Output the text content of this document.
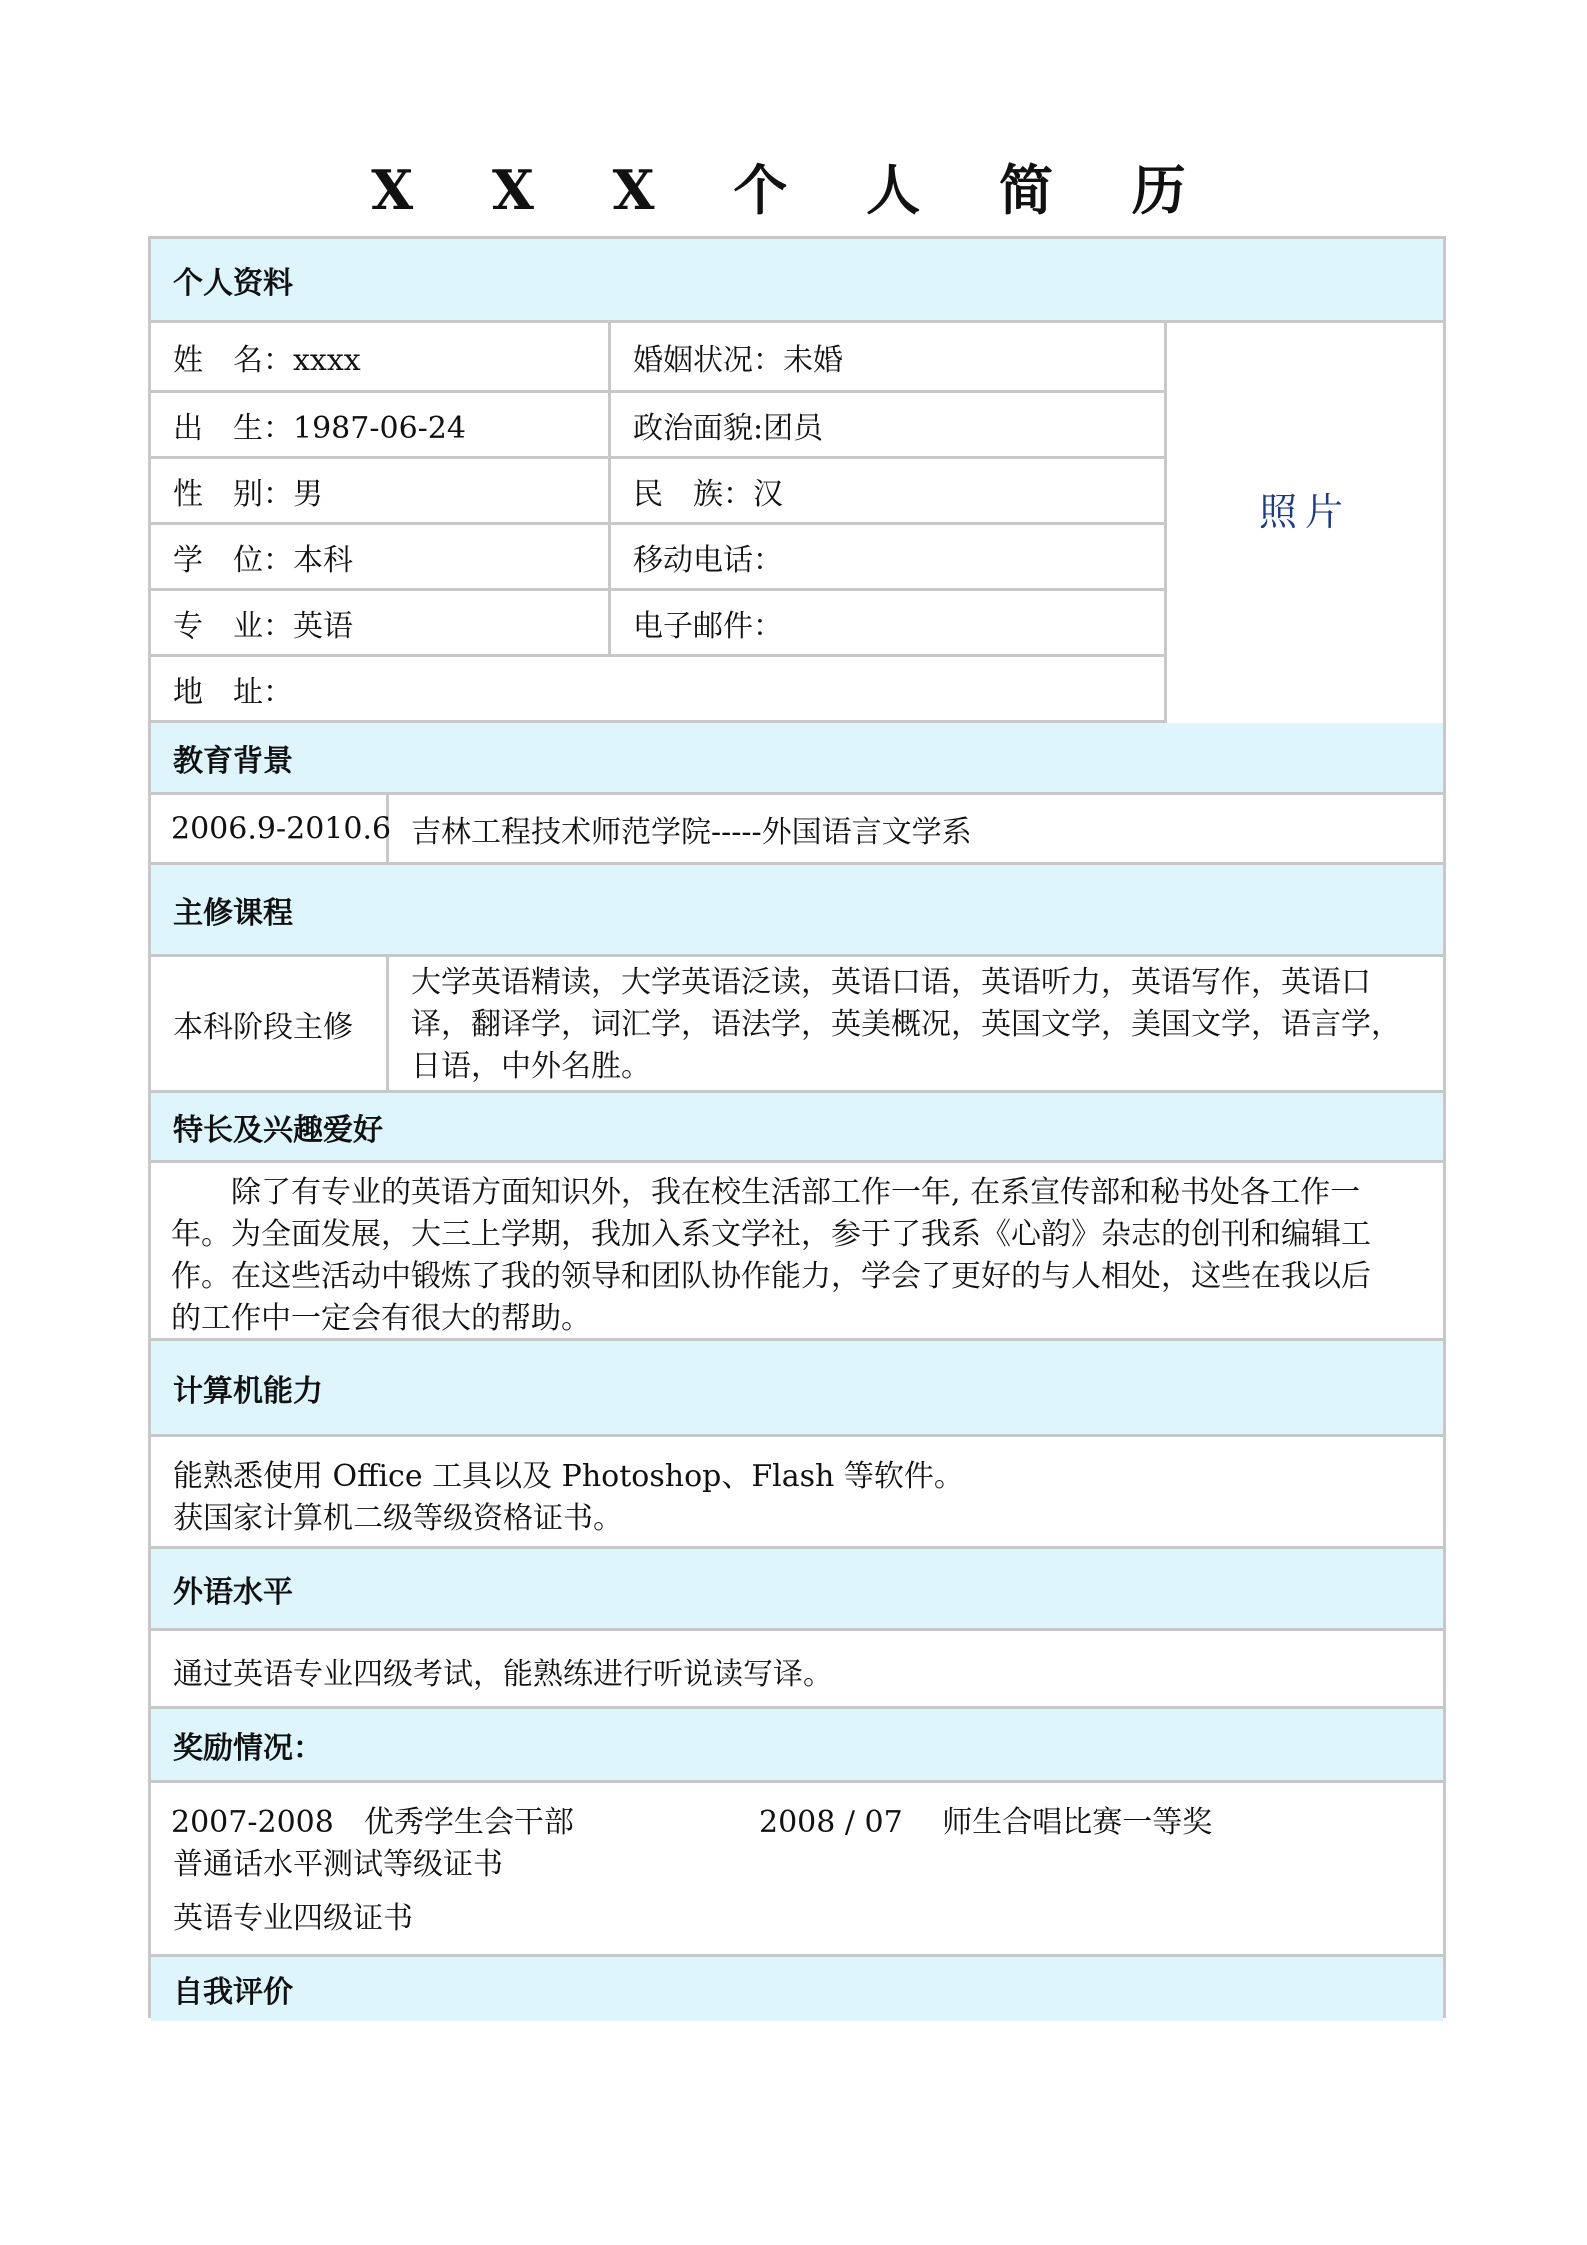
X X X 个 人 简 历
个人资料
姓　名：xxxx	婚姻状况：未婚
出　生：1987-06-24	政治面貌:团员
性　别：男	民　族：汉
学　位：本科	移动电话：
专　业：英语	电子邮件：
地　址：
照片
教育背景
2006.9-2010.6 吉林工程技术师范学院-----外国语言文学系
主修课程
本科阶段主修
大学英语精读，大学英语泛读，英语口语，英语听力，英语写作，英语口
译，翻译学，词汇学，语法学，英美概况，英国文学，美国文学，语言学，
日语，中外名胜。
特长及兴趣爱好
　　除了有专业的英语方面知识外，我在校生活部工作一年, 在系宣传部和秘书处各工作一
年。为全面发展，大三上学期，我加入系文学社，参于了我系《心韵》杂志的创刊和编辑工
作。在这些活动中锻炼了我的领导和团队协作能力，学会了更好的与人相处，这些在我以后
的工作中一定会有很大的帮助。
计算机能力
能熟悉使用 Office 工具以及 Photoshop、Flash 等软件。
获国家计算机二级等级资格证书。
外语水平
通过英语专业四级考试，能熟练进行听说读写译。
奖励情况：
2007-2008　优秀学生会干部	2008 / 07　 师生合唱比赛一等奖
普通话水平测试等级证书
英语专业四级证书
自我评价
